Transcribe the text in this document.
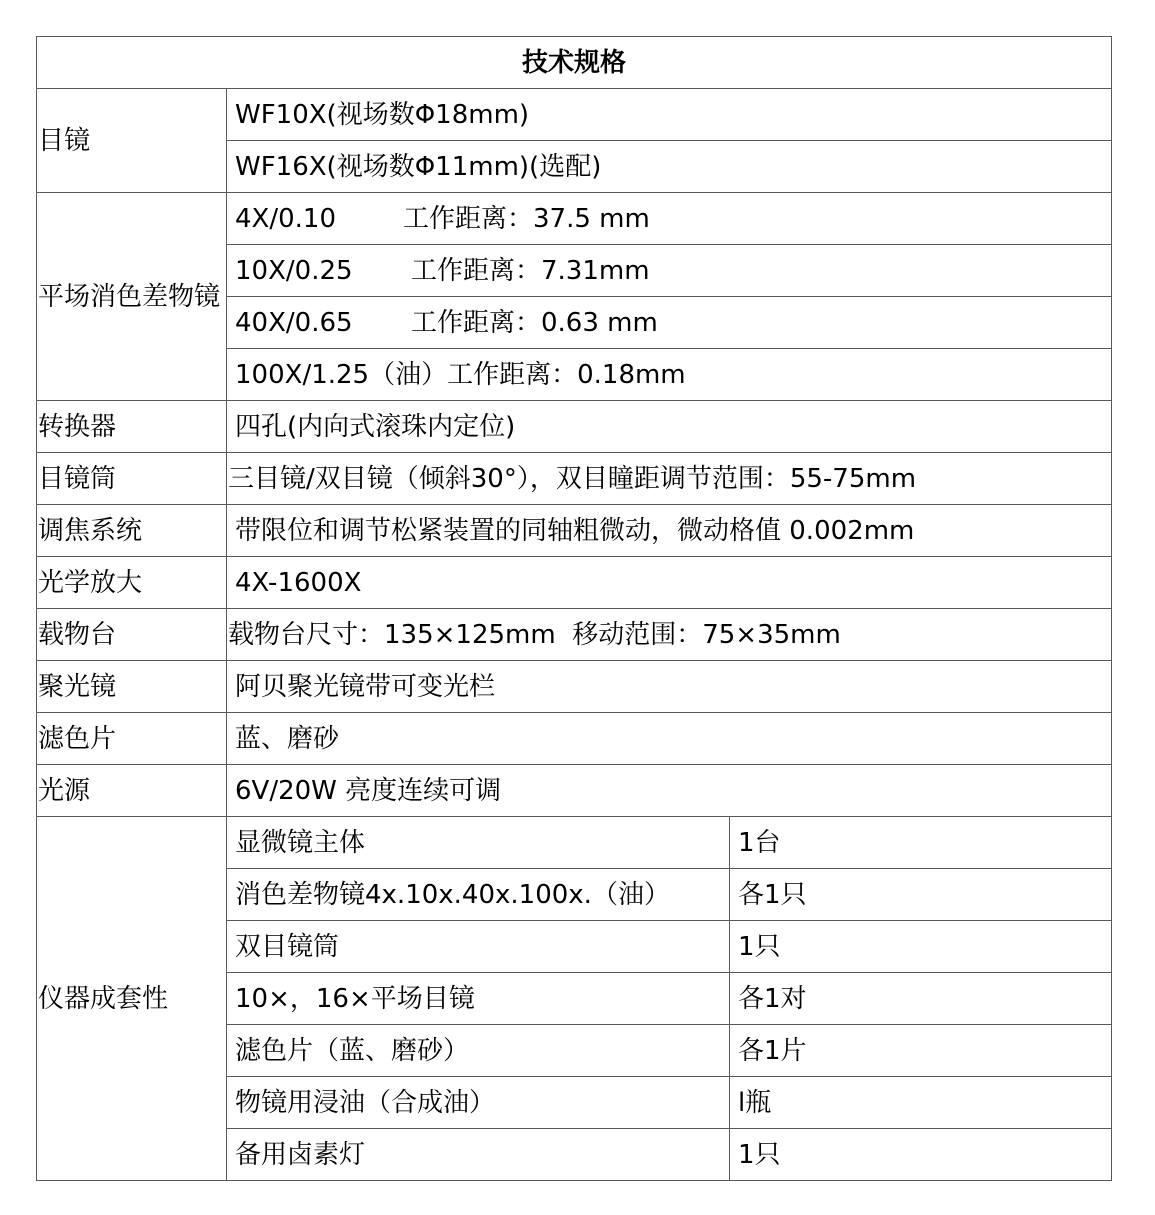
技术规格		
目镜	WF10X(视场数Φ18mm)	
	WF16X(视场数Φ11mm)(选配)	
平场消色差物镜	4X/0.10 工作距离：37.5 mm	
	10X/0.25 工作距离：7.31mm	
	40X/0.65 工作距离：0.63 mm	
	100X/1.25（油）工作距离：0.18mm	
转换器	四孔(内向式滚珠内定位)	
目镜筒	三目镜/双目镜（倾斜30°），双目瞳距调节范围：55-75mm	
调焦系统	带限位和调节松紧装置的同轴粗微动，微动格值 0.002mm	
光学放大	4X-1600X	
载物台	载物台尺寸：135×125mm  移动范围：75×35mm	
聚光镜	阿贝聚光镜带可变光栏	
滤色片	蓝、磨砂	
光源	6V/20W 亮度连续可调	
仪器成套性	显微镜主体	1台
	消色差物镜4x.10x.40x.100x.（油）	各1只
	双目镜筒	1只
	10×，16×平场目镜	各1对
	滤色片（蓝、磨砂）	各1片
	物镜用浸油（合成油）	l瓶
	备用卤素灯	1只
